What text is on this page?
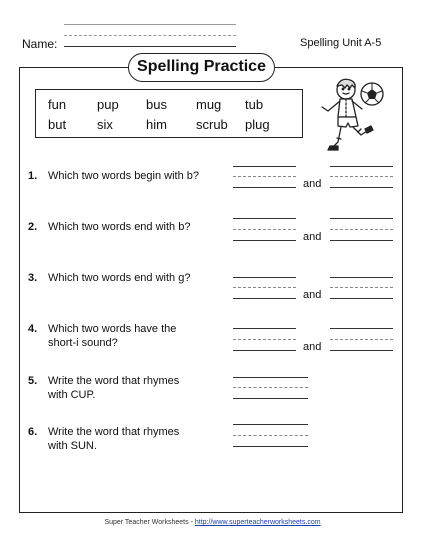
Name:	Spelling Unit A-5
Spelling Practice
fun pup bus mug tub
but six	him scrub plug
1. Which two words begin with b?
and
2. Which two words end with b?
and
3. Which two words end with g?
and
4. Which two words have the
short-i sound?	and
5. Write the word that rhymes
with CUP.
6. Write the word that rhymes
with SUN.
Super Teacher Worksheets - http://www.superteacherworksheets.com
